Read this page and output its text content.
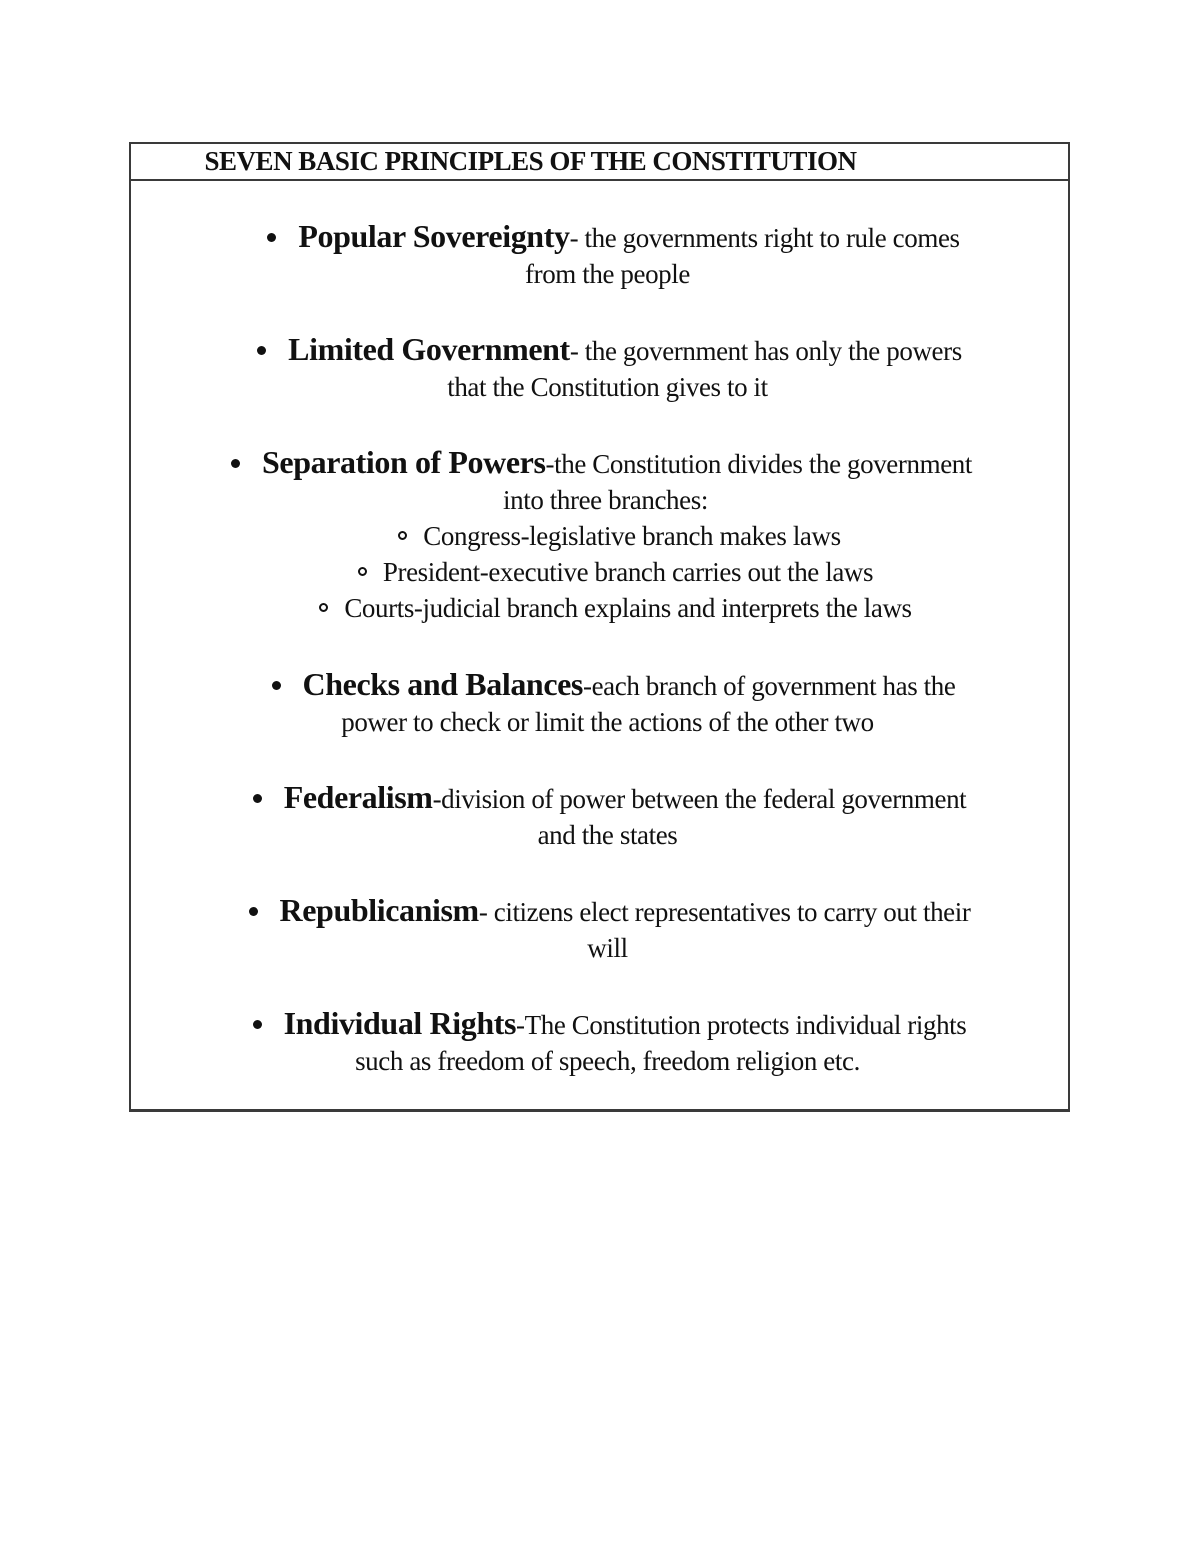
SEVEN BASIC PRINCIPLES OF THE CONSTITUTION
Popular Sovereignty- the governments right to rule comes
from the people
Limited Government- the government has only the powers
that the Constitution gives to it
Separation of Powers-the Constitution divides the government
into three branches:
Congress-legislative branch makes laws
President-executive branch carries out the laws
Courts-judicial branch explains and interprets the laws
Checks and Balances-each branch of government has the
power to check or limit the actions of the other two
Federalism-division of power between the federal government
and the states
Republicanism- citizens elect representatives to carry out their
will
Individual Rights-The Constitution protects individual rights
such as freedom of speech, freedom religion etc.
